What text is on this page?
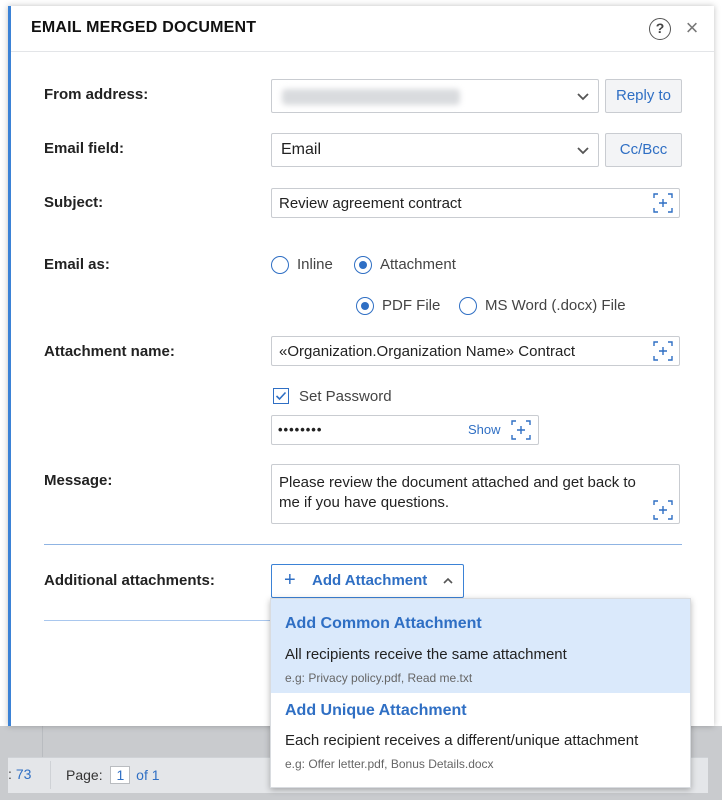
: 73 Page: 1 of 1
EMAIL MERGED DOCUMENT	? ×
From address:	Reply to
Email field:	Email	Cc/Bcc
Subject:	Review agreement contract
Email as:	Inline	Attachment
PDF File	MS Word (.docx) File
Attachment name:	«Organization.Organization Name» Contract
Set Password
••••••••	Show
Message:	Please review the document attached and get back to me if you have questions.
Additional attachments:	+ Add Attachment
Add Common Attachment
All recipients receive the same attachment
e.g: Privacy policy.pdf, Read me.txt
Add Unique Attachment
Each recipient receives a different/unique attachment
e.g: Offer letter.pdf, Bonus Details.docx
